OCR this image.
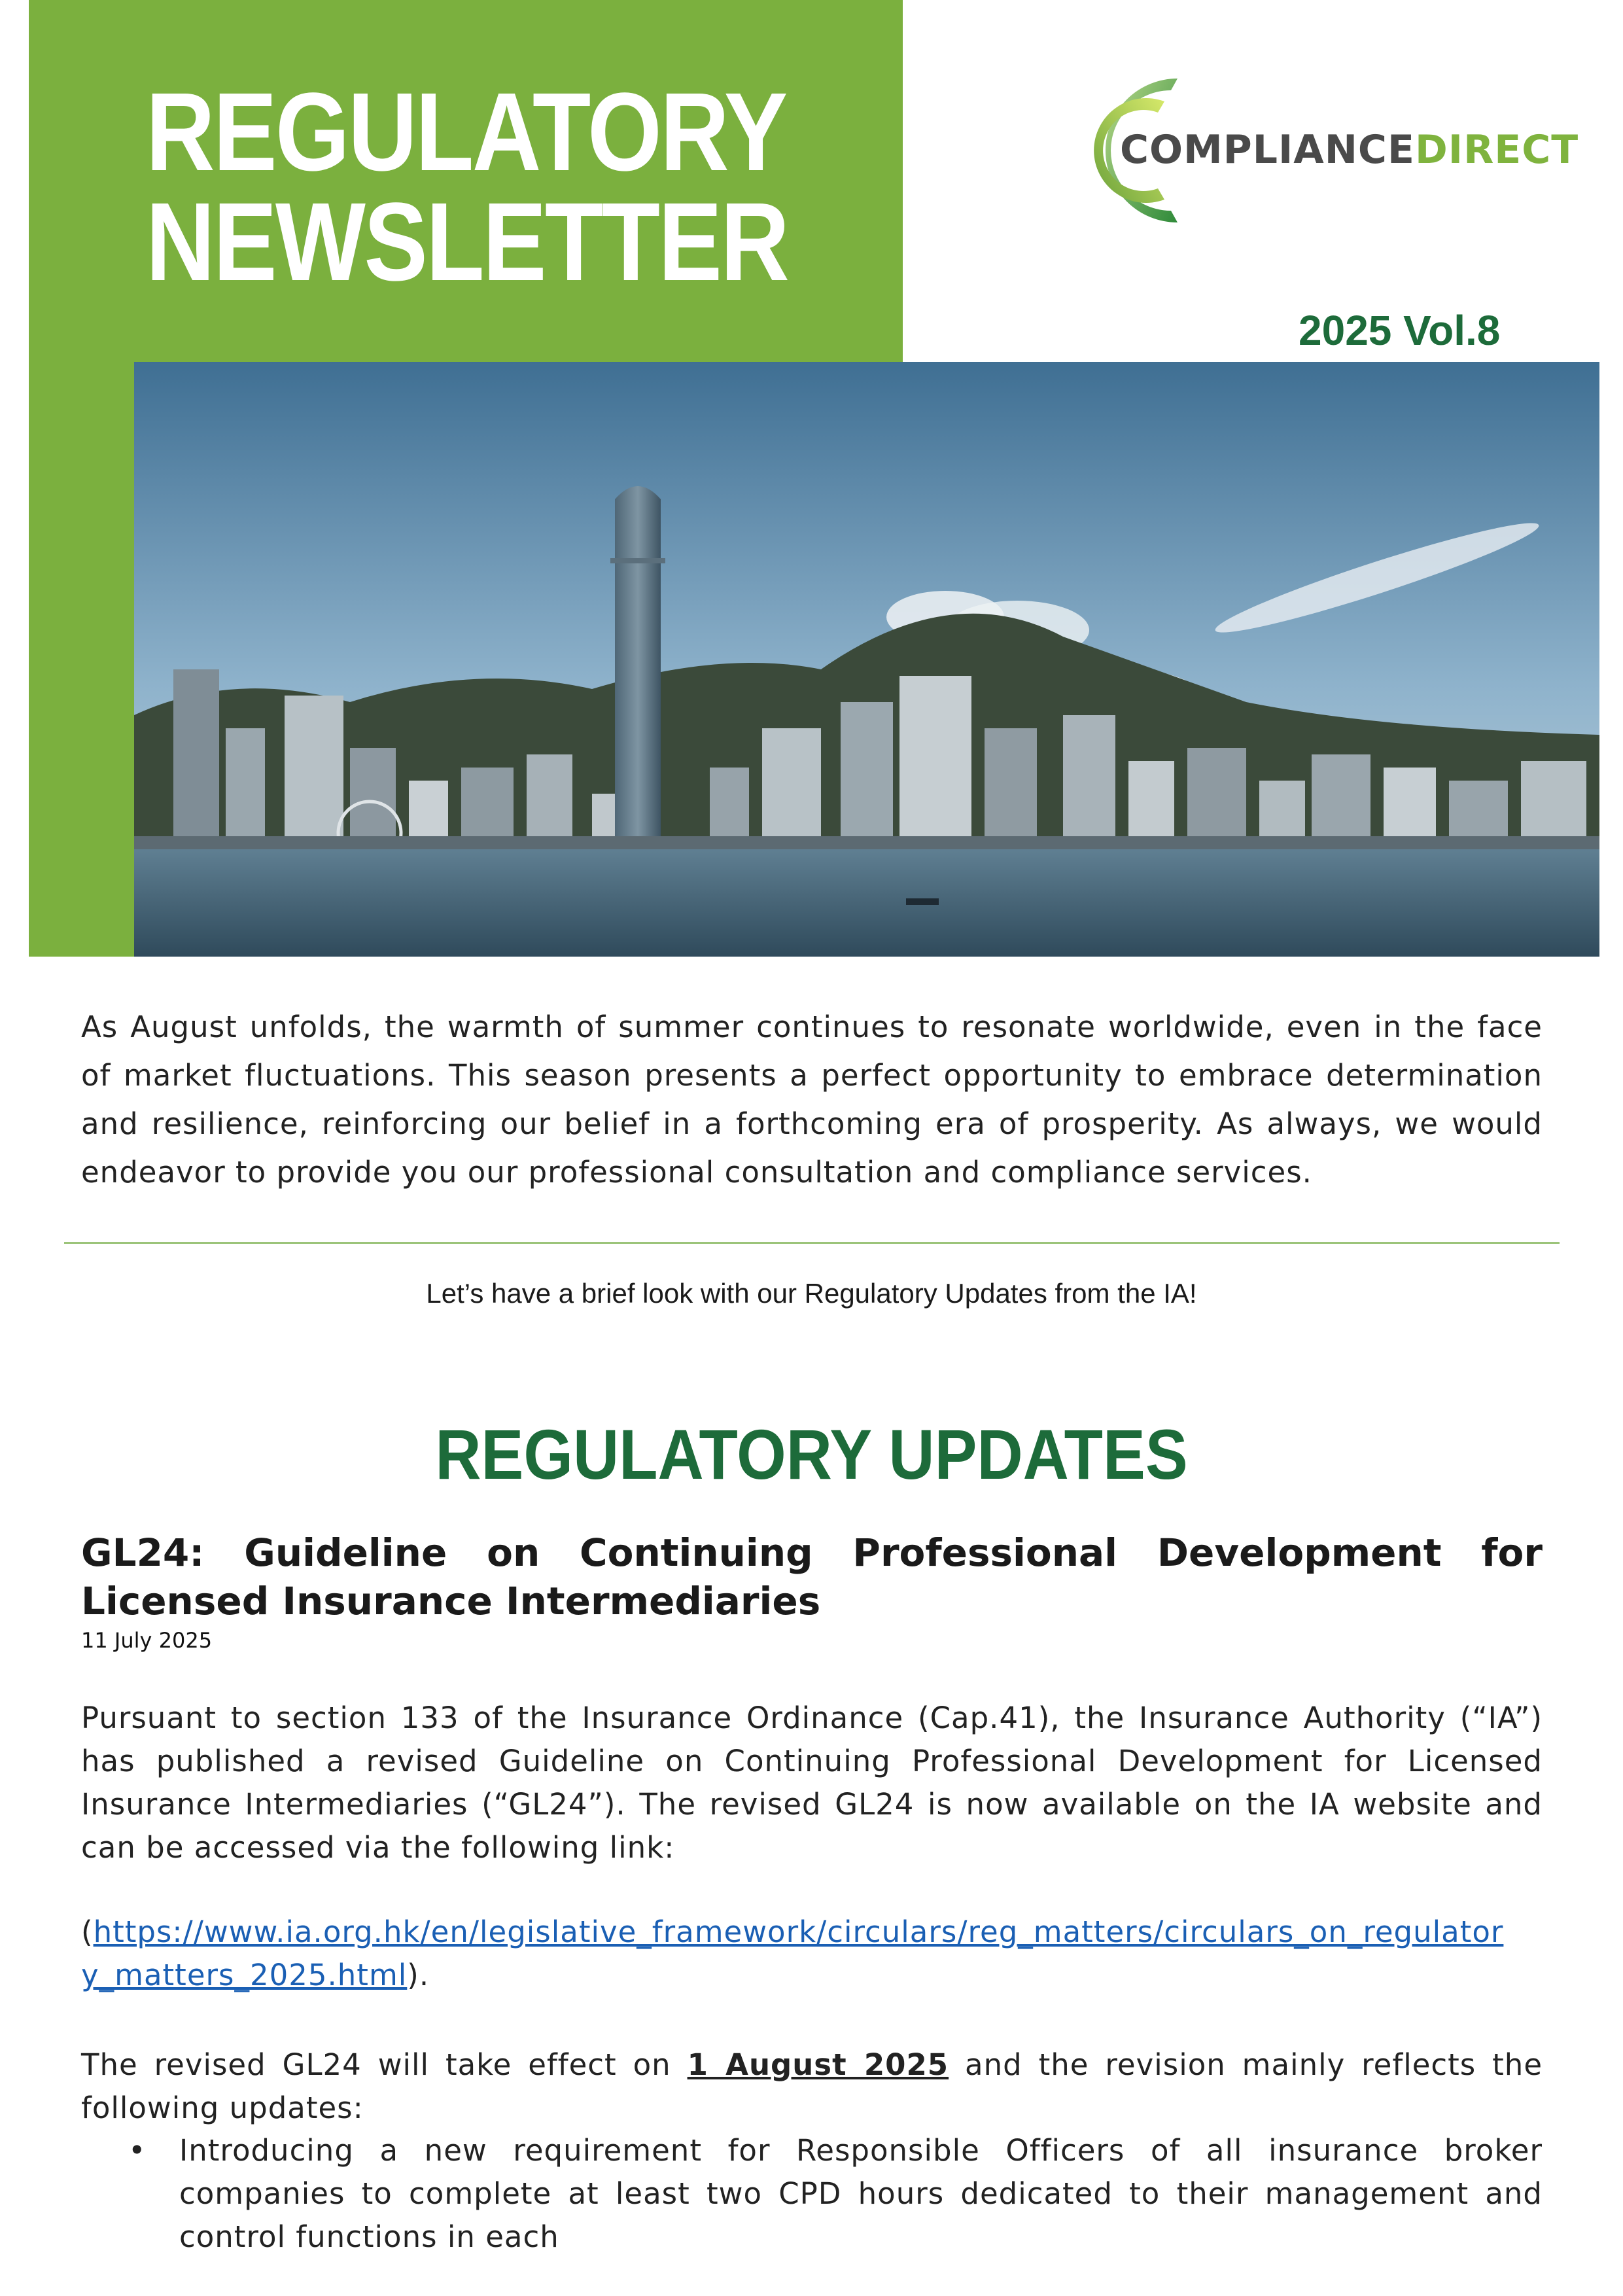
REGULATORY
NEWSLETTER
COMPLIANCEDIRECT
2025 Vol.8
As August unfolds, the warmth of summer continues to resonate worldwide, even in the face of market fluctuations. This season presents a perfect opportunity to embrace determination and resilience, reinforcing our belief in a forthcoming era of prosperity. As always, we would endeavor to provide you our professional consultation and compliance services.
Let’s have a brief look with our Regulatory Updates from the IA!
REGULATORY UPDATES
GL24: Guideline on Continuing Professional Development for Licensed Insurance Intermediaries
11 July 2025
Pursuant to section 133 of the Insurance Ordinance (Cap.41), the Insurance Authority (“IA”) has published a revised Guideline on Continuing Professional Development for Licensed Insurance Intermediaries (“GL24”). The revised GL24 is now available on the IA website and can be accessed via the following link:
(https://www.ia.org.hk/en/legislative_framework/circulars/reg_matters/circulars_on_regulator
y_matters_2025.html).
The revised GL24 will take effect on 1 August 2025 and the revision mainly reflects the following updates:
• Introducing a new requirement for Responsible Officers of all insurance broker companies to complete at least two CPD hours dedicated to their management and control functions in each
